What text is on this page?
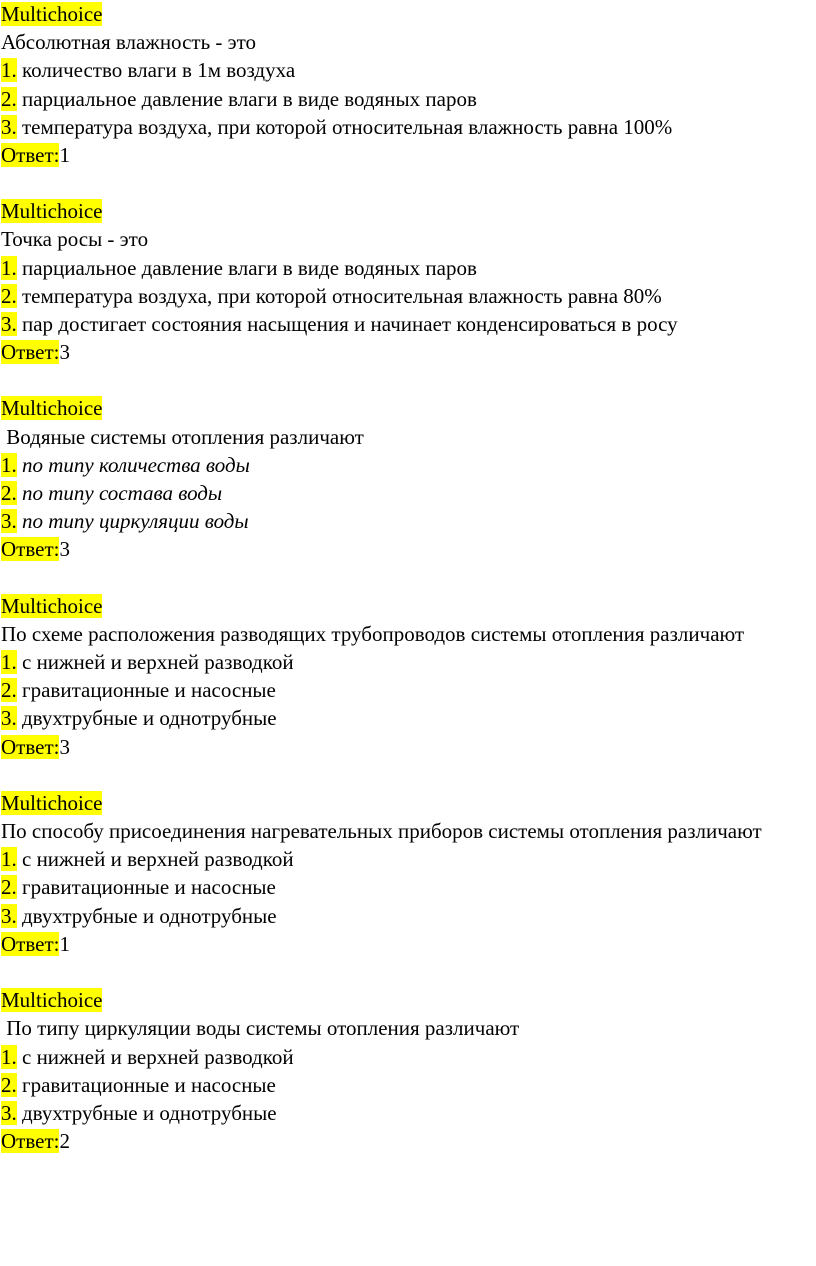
Multichoice
Абсолютная влажность - это
1. количество влаги в 1м воздуха
2. парциальное давление влаги в виде водяных паров
3. температура воздуха, при которой относительная влажность равна 100%
Ответ:1
Multichoice
Точка росы - это
1. парциальное давление влаги в виде водяных паров
2. температура воздуха, при которой относительная влажность равна 80%
3. пар достигает состояния насыщения и начинает конденсироваться в росу
Ответ:3
Multichoice
Водяные системы отопления различают
1. по типу количества воды
2. по типу состава воды
3. по типу циркуляции воды
Ответ:3
Multichoice
По схеме расположения разводящих трубопроводов системы отопления различают
1. с нижней и верхней разводкой
2. гравитационные и насосные
3. двухтрубные и однотрубные
Ответ:3
Multichoice
По способу присоединения нагревательных приборов системы отопления различают
1. с нижней и верхней разводкой
2. гравитационные и насосные
3. двухтрубные и однотрубные
Ответ:1
Multichoice
По типу циркуляции воды системы отопления различают
1. с нижней и верхней разводкой
2. гравитационные и насосные
3. двухтрубные и однотрубные
Ответ:2
